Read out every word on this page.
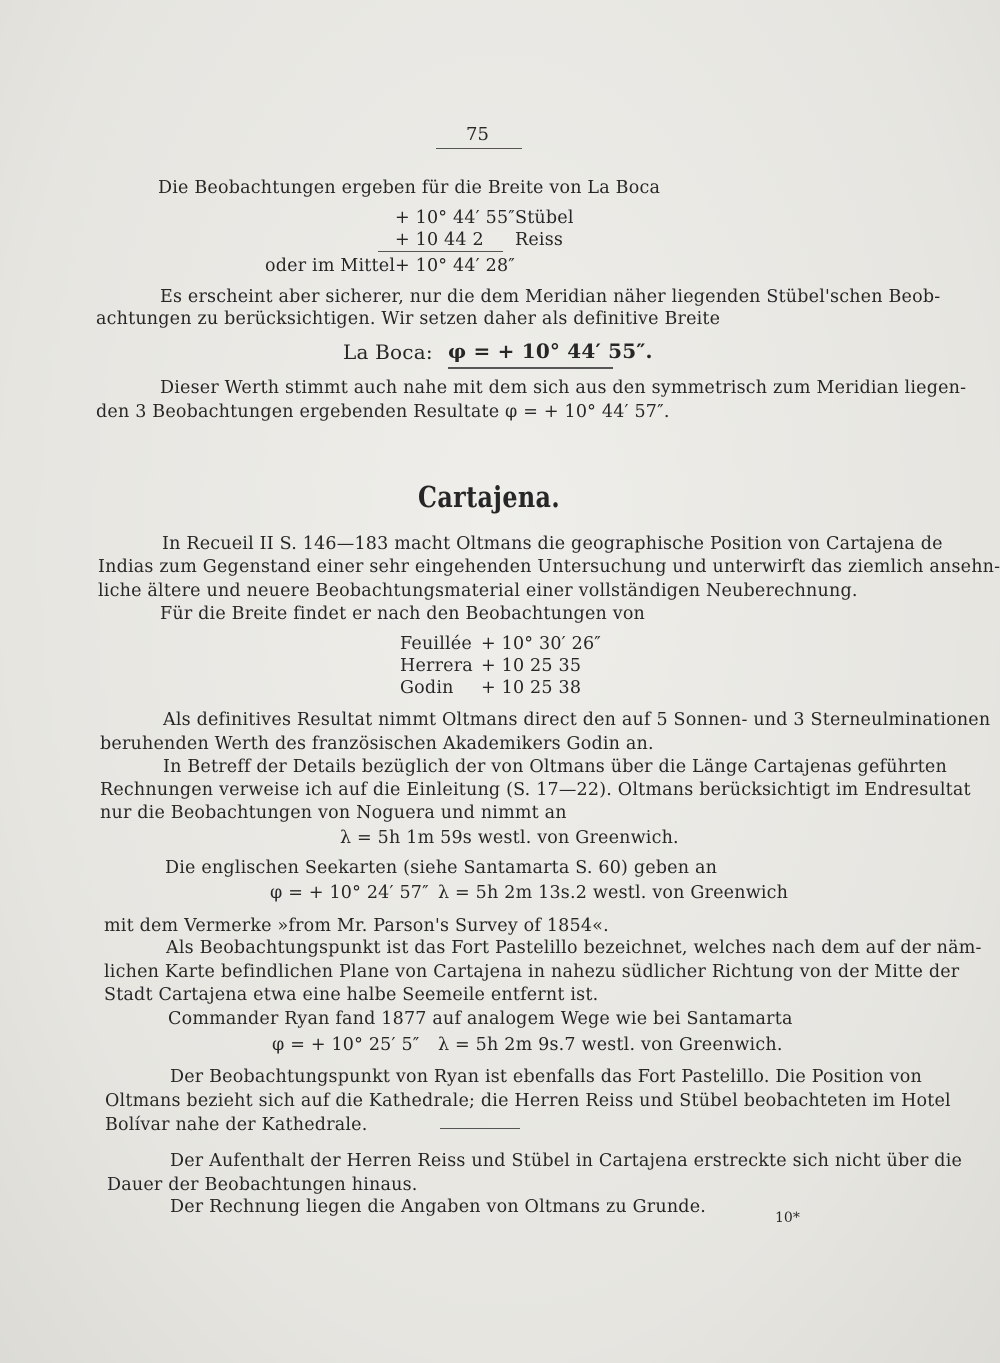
75
Die Beobachtungen ergeben für die Breite von La Boca
+ 10° 44′ 55″ Stübel
+ 10 44 2 Reiss
oder im Mittel + 10° 44′ 28″
Es erscheint aber sicherer, nur die dem Meridian näher liegenden Stübel'schen Beob-
achtungen zu berücksichtigen. Wir setzen daher als definitive Breite
La Boca: φ = + 10° 44′ 55″.
Dieser Werth stimmt auch nahe mit dem sich aus den symmetrisch zum Meridian liegen-
den 3 Beobachtungen ergebenden Resultate φ = + 10° 44′ 57″.
Cartajena.
In Recueil II S. 146—183 macht Oltmans die geographische Position von Cartajena de
Indias zum Gegenstand einer sehr eingehenden Untersuchung und unterwirft das ziemlich ansehn-
liche ältere und neuere Beobachtungsmaterial einer vollständigen Neuberechnung.
Für die Breite findet er nach den Beobachtungen von
Feuillée + 10° 30′ 26″
Herrera + 10 25 35
Godin + 10 25 38
Als definitives Resultat nimmt Oltmans direct den auf 5 Sonnen- und 3 Sterneulminationen
beruhenden Werth des französischen Akademikers Godin an.
In Betreff der Details bezüglich der von Oltmans über die Länge Cartajenas geführten
Rechnungen verweise ich auf die Einleitung (S. 17—22). Oltmans berücksichtigt im Endresultat
nur die Beobachtungen von Noguera und nimmt an
λ = 5h 1m 59s westl. von Greenwich.
Die englischen Seekarten (siehe Santamarta S. 60) geben an
φ = + 10° 24′ 57″ λ = 5h 2m 13s.2 westl. von Greenwich
mit dem Vermerke »from Mr. Parson's Survey of 1854«.
Als Beobachtungspunkt ist das Fort Pastelillo bezeichnet, welches nach dem auf der näm-
lichen Karte befindlichen Plane von Cartajena in nahezu südlicher Richtung von der Mitte der
Stadt Cartajena etwa eine halbe Seemeile entfernt ist.
Commander Ryan fand 1877 auf analogem Wege wie bei Santamarta
φ = + 10° 25′ 5″ λ = 5h 2m 9s.7 westl. von Greenwich.
Der Beobachtungspunkt von Ryan ist ebenfalls das Fort Pastelillo. Die Position von
Oltmans bezieht sich auf die Kathedrale; die Herren Reiss und Stübel beobachteten im Hotel
Bolívar nahe der Kathedrale.
Der Aufenthalt der Herren Reiss und Stübel in Cartajena erstreckte sich nicht über die
Dauer der Beobachtungen hinaus.
Der Rechnung liegen die Angaben von Oltmans zu Grunde.
10*
